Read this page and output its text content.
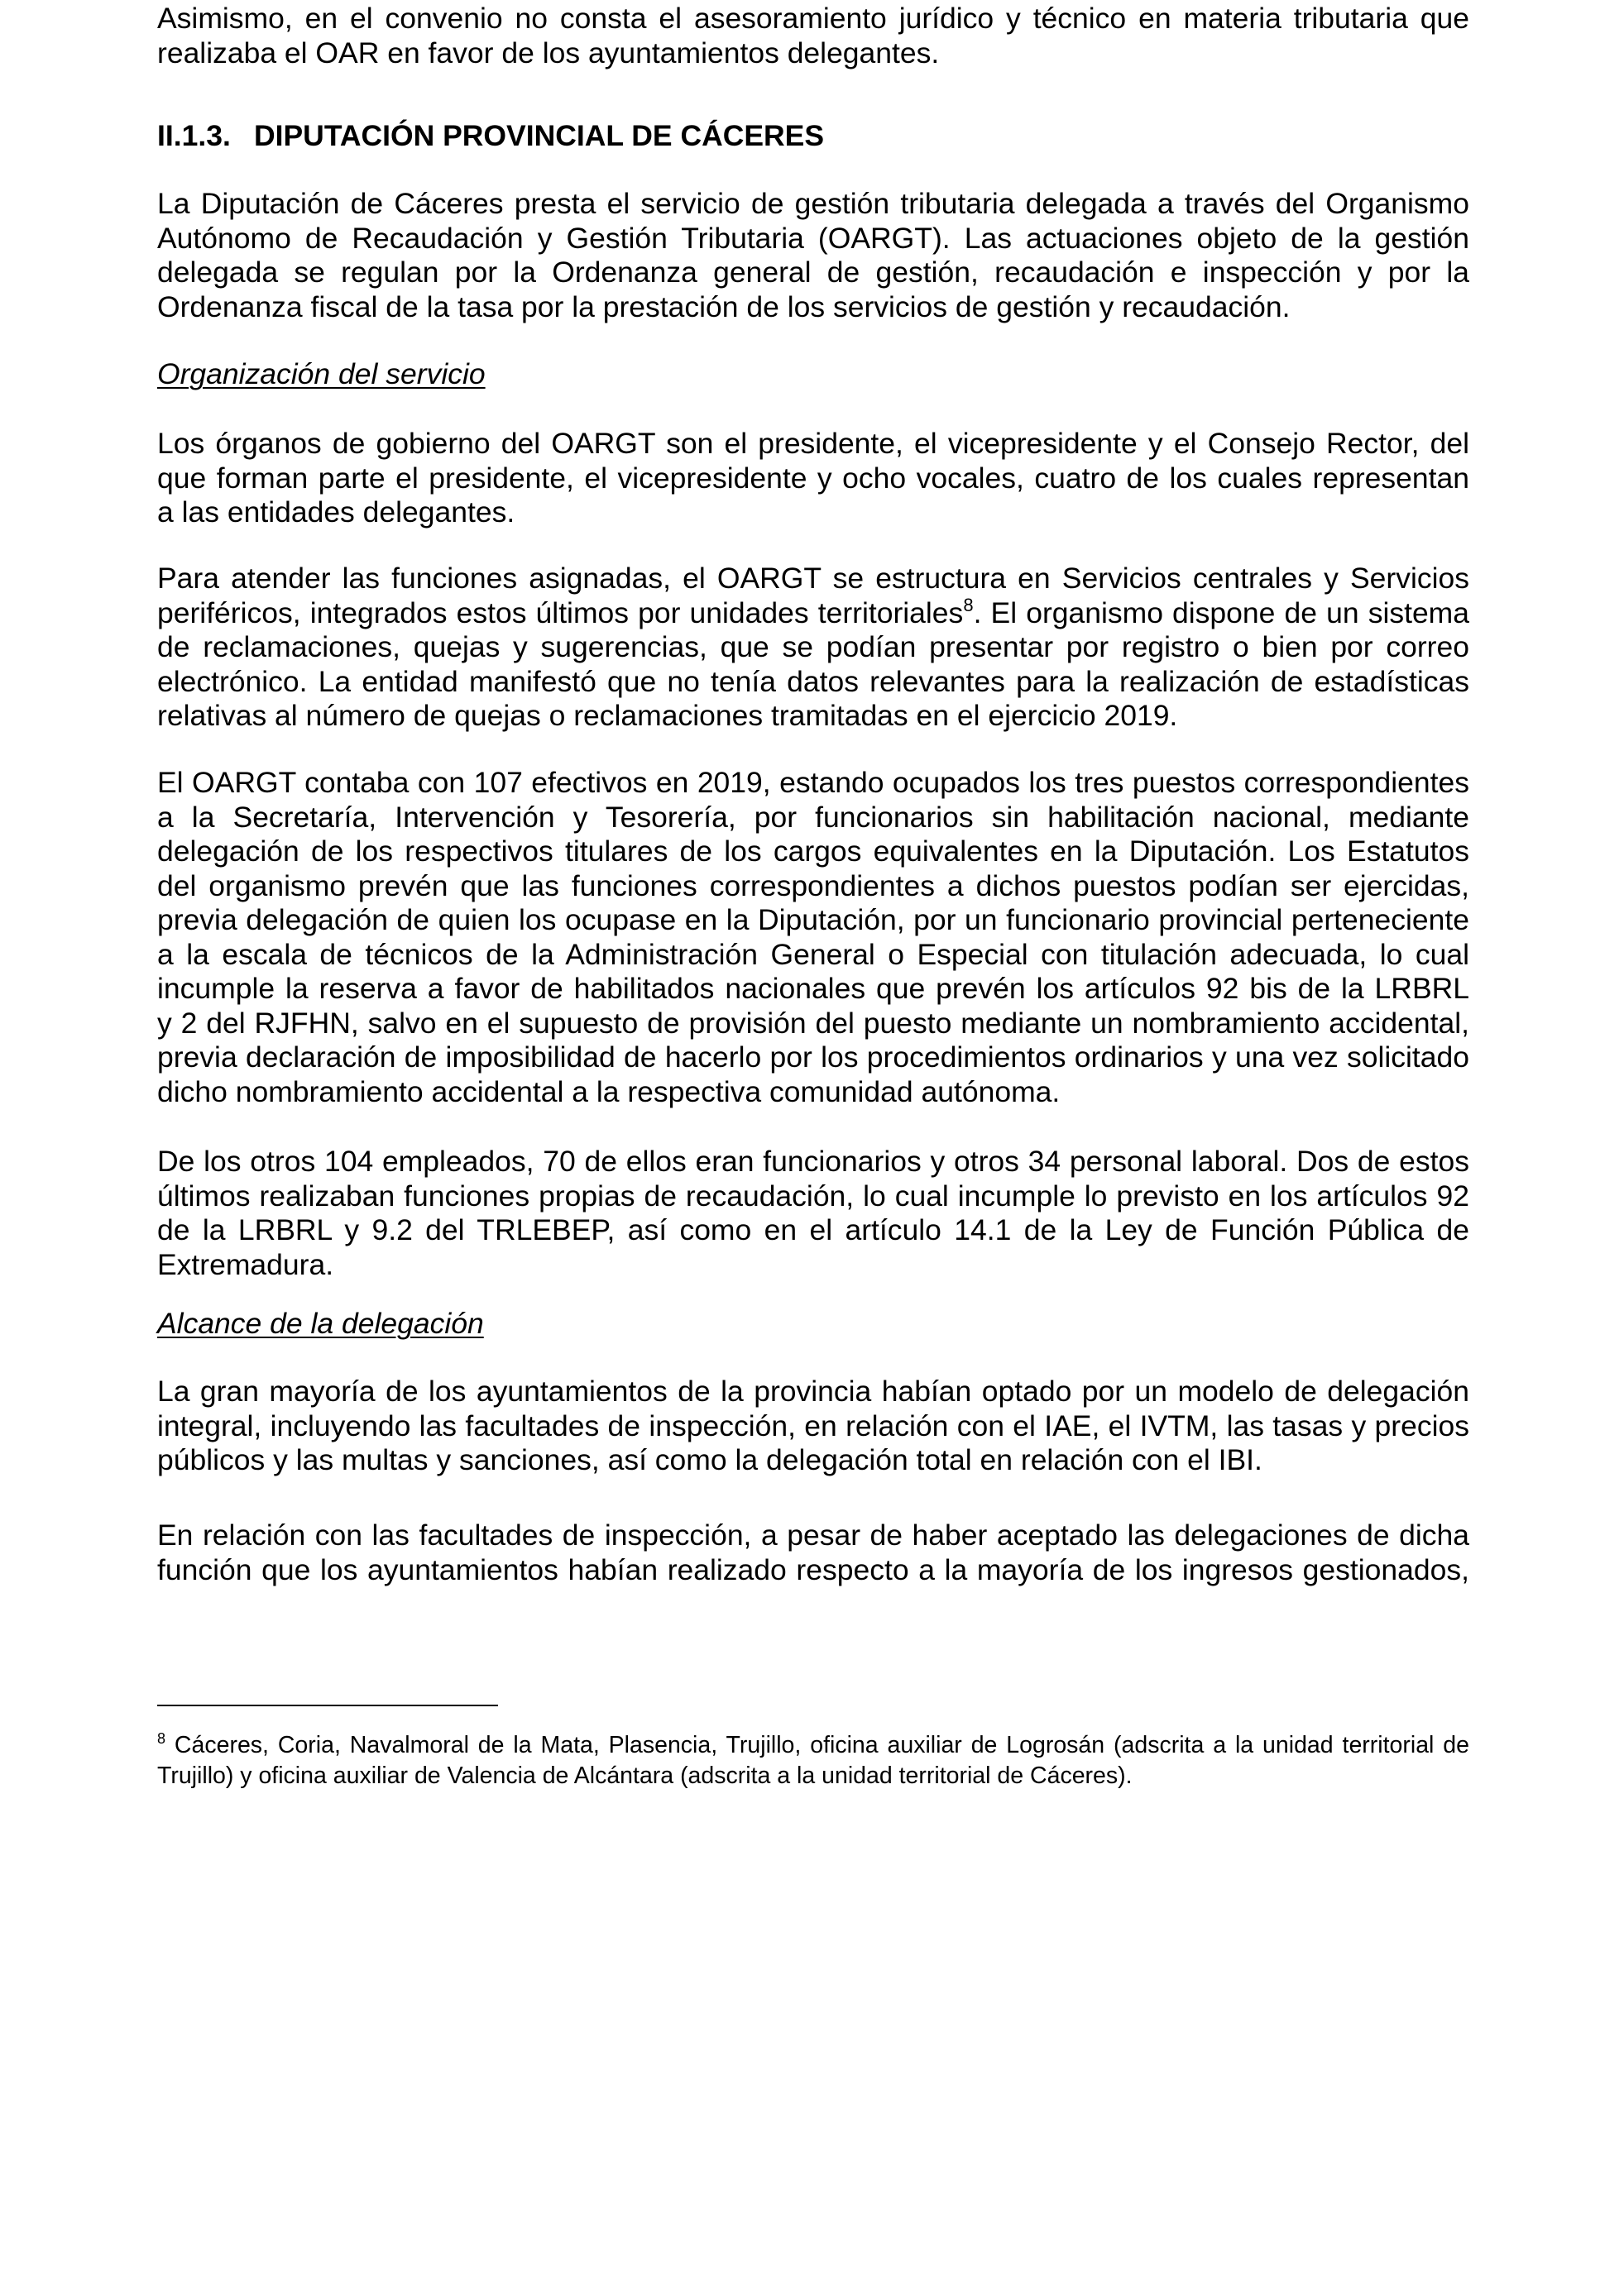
Asimismo, en el convenio no consta el asesoramiento jurídico y técnico en materia tributaria que
realizaba el OAR en favor de los ayuntamientos delegantes.
II.1.3. DIPUTACIÓN PROVINCIAL DE CÁCERES
La Diputación de Cáceres presta el servicio de gestión tributaria delegada a través del Organismo
Autónomo de Recaudación y Gestión Tributaria (OARGT). Las actuaciones objeto de la gestión
delegada se regulan por la Ordenanza general de gestión, recaudación e inspección y por la
Ordenanza fiscal de la tasa por la prestación de los servicios de gestión y recaudación.
Organización del servicio
Los órganos de gobierno del OARGT son el presidente, el vicepresidente y el Consejo Rector, del
que forman parte el presidente, el vicepresidente y ocho vocales, cuatro de los cuales representan
a las entidades delegantes.
Para atender las funciones asignadas, el OARGT se estructura en Servicios centrales y Servicios
periféricos, integrados estos últimos por unidades territoriales$^8$. El organismo dispone de un sistema
de reclamaciones, quejas y sugerencias, que se podían presentar por registro o bien por correo
electrónico. La entidad manifestó que no tenía datos relevantes para la realización de estadísticas
relativas al número de quejas o reclamaciones tramitadas en el ejercicio 2019.
El OARGT contaba con 107 efectivos en 2019, estando ocupados los tres puestos correspondientes
a la Secretaría, Intervención y Tesorería, por funcionarios sin habilitación nacional, mediante
delegación de los respectivos titulares de los cargos equivalentes en la Diputación. Los Estatutos
del organismo prevén que las funciones correspondientes a dichos puestos podían ser ejercidas,
previa delegación de quien los ocupase en la Diputación, por un funcionario provincial perteneciente
a la escala de técnicos de la Administración General o Especial con titulación adecuada, lo cual
incumple la reserva a favor de habilitados nacionales que prevén los artículos 92 bis de la LRBRL
y 2 del RJFHN, salvo en el supuesto de provisión del puesto mediante un nombramiento accidental,
previa declaración de imposibilidad de hacerlo por los procedimientos ordinarios y una vez solicitado
dicho nombramiento accidental a la respectiva comunidad autónoma.
De los otros 104 empleados, 70 de ellos eran funcionarios y otros 34 personal laboral. Dos de estos
últimos realizaban funciones propias de recaudación, lo cual incumple lo previsto en los artículos 92
de la LRBRL y 9.2 del TRLEBEP, así como en el artículo 14.1 de la Ley de Función Pública de
Extremadura.
Alcance de la delegación
La gran mayoría de los ayuntamientos de la provincia habían optado por un modelo de delegación
integral, incluyendo las facultades de inspección, en relación con el IAE, el IVTM, las tasas y precios
públicos y las multas y sanciones, así como la delegación total en relación con el IBI.
En relación con las facultades de inspección, a pesar de haber aceptado las delegaciones de dicha
función que los ayuntamientos habían realizado respecto a la mayoría de los ingresos gestionados,
$^8$ Cáceres, Coria, Navalmoral de la Mata, Plasencia, Trujillo, oficina auxiliar de Logrosán (adscrita a la unidad territorial de
Trujillo) y oficina auxiliar de Valencia de Alcántara (adscrita a la unidad territorial de Cáceres).
